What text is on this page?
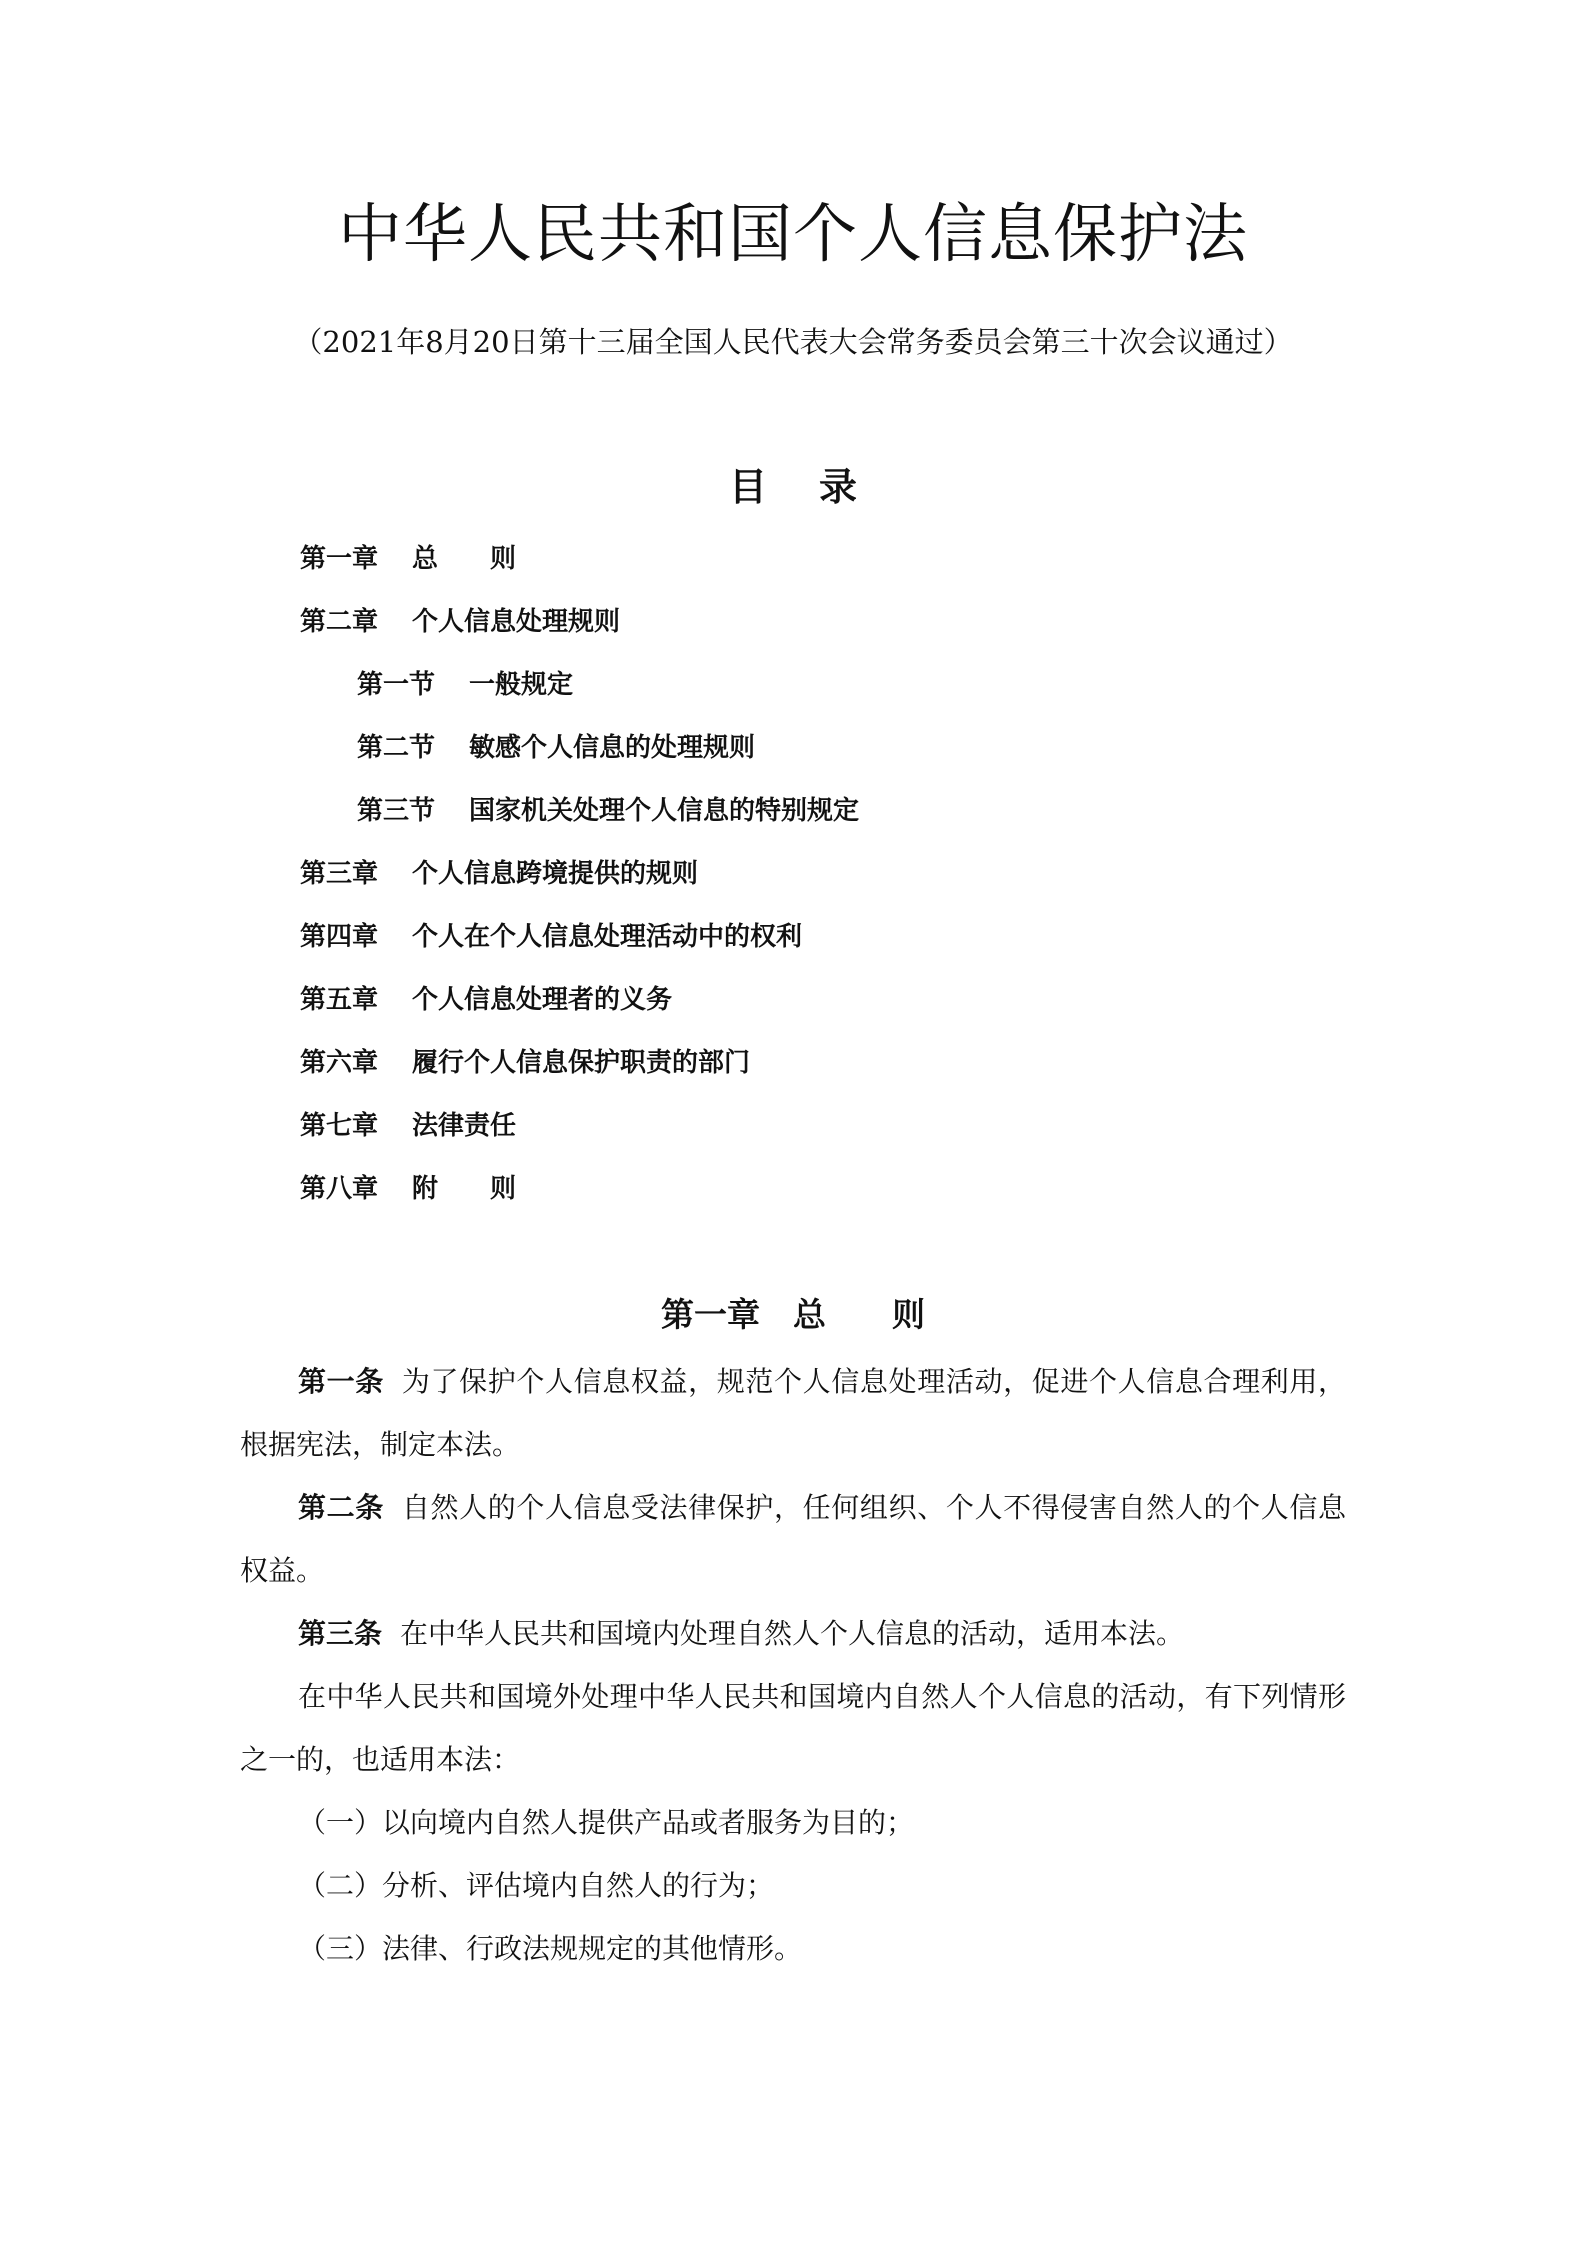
中华人民共和国个人信息保护法
（2021年8月20日第十三届全国人民代表大会常务委员会第三十次会议通过）
目录
第一章 总　　则
第二章 个人信息处理规则
第一节 一般规定
第二节 敏感个人信息的处理规则
第三节 国家机关处理个人信息的特别规定
第三章 个人信息跨境提供的规则
第四章 个人在个人信息处理活动中的权利
第五章 个人信息处理者的义务
第六章 履行个人信息保护职责的部门
第七章 法律责任
第八章 附　　则
第一章　总　　则

第一条 为了保护个人信息权益，规范个人信息处理活动，促进个人信息合理利用，根据宪法，制定本法。

第二条 自然人的个人信息受法律保护，任何组织、个人不得侵害自然人的个人信息权益。

第三条 在中华人民共和国境内处理自然人个人信息的活动，适用本法。

在中华人民共和国境外处理中华人民共和国境内自然人个人信息的活动，有下列情形之一的，也适用本法：

（一）以向境内自然人提供产品或者服务为目的；

（二）分析、评估境内自然人的行为；

（三）法律、行政法规规定的其他情形。
